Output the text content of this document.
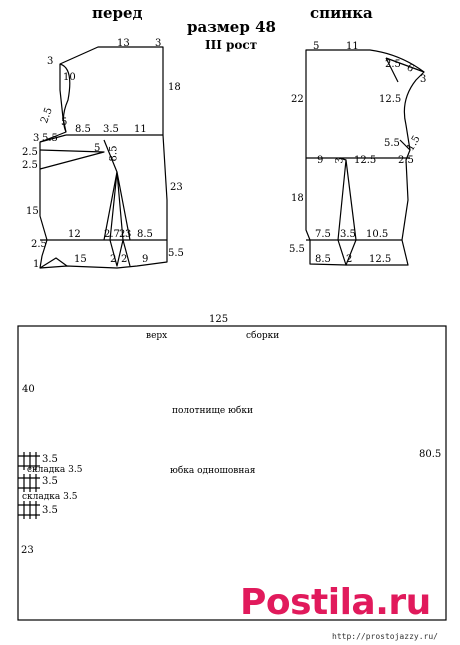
перед
размер 48
III рост
спинка
13	3
3
10
18
2.5 5
3 5.5
8.5 3.5 11
2.5	5 8.5
2.5
23
15
12 2.7 2 3 8.5
2.5
1	15 2 2 9
5.5
5	11
2.5 6
3
22	12.5
5.5 1.5
9 3 12.5 2.5
18
7.5 3.5 10.5
5.5
8.5 2 12.5
125
верх	сборки
40
80.5
полотнище юбки
юбка одношовная
3.5
складка 3.5
3.5
складка 3.5
3.5
23
Postila.ru
http://prostojazzy.ru/
